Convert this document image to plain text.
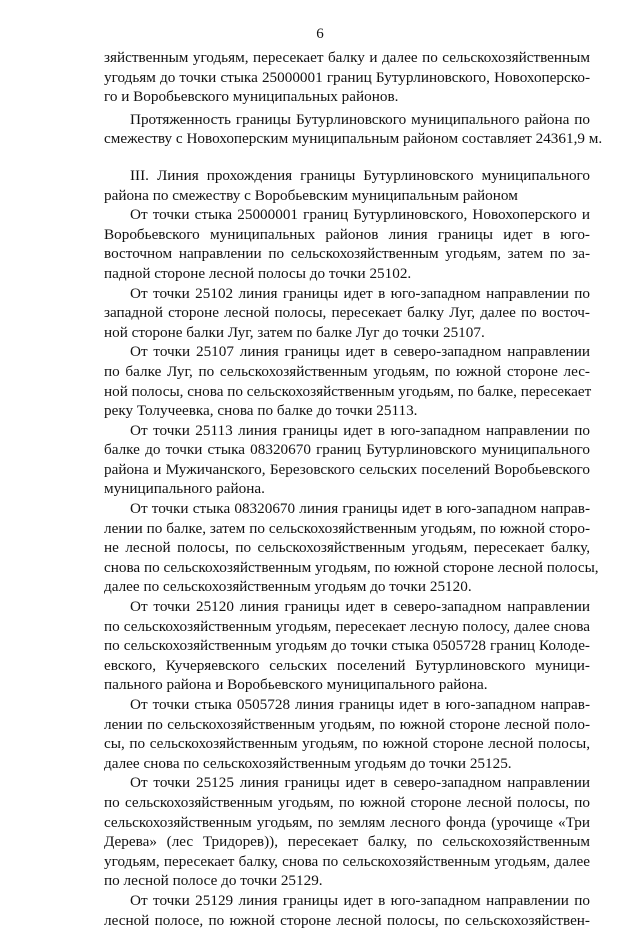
6
зяйственным угодьям, пересекает балку и далее по сельскохозяйственным
угодьям до точки стыка 25000001 границ Бутурлиновского, Новохоперско-
го и Воробьевского муниципальных районов.
Протяженность границы Бутурлиновского муниципального района по
смежеству с Новохоперским муниципальным районом составляет 24361,9 м.
III. Линия прохождения границы Бутурлиновского муниципального
района по смежеству с Воробьевским муниципальным районом
От точки стыка 25000001 границ Бутурлиновского, Новохоперского и
Воробьевского муниципальных районов линия границы идет в юго-
восточном направлении по сельскохозяйственным угодьям, затем по за-
падной стороне лесной полосы до точки 25102.
От точки 25102 линия границы идет в юго-западном направлении по
западной стороне лесной полосы, пересекает балку Луг, далее по восточ-
ной стороне балки Луг, затем по балке Луг до точки 25107.
От точки 25107 линия границы идет в северо-западном направлении
по балке Луг, по сельскохозяйственным угодьям, по южной стороне лес-
ной полосы, снова по сельскохозяйственным угодьям, по балке, пересекает
реку Толучеевка, снова по балке до точки 25113.
От точки 25113 линия границы идет в юго-западном направлении по
балке до точки стыка 08320670 границ Бутурлиновского муниципального
района и Мужичанского, Березовского сельских поселений Воробьевского
муниципального района.
От точки стыка 08320670 линия границы идет в юго-западном направ-
лении по балке, затем по сельскохозяйственным угодьям, по южной сторо-
не лесной полосы, по сельскохозяйственным угодьям, пересекает балку,
снова по сельскохозяйственным угодьям, по южной стороне лесной полосы,
далее по сельскохозяйственным угодьям до точки 25120.
От точки 25120 линия границы идет в северо-западном направлении
по сельскохозяйственным угодьям, пересекает лесную полосу, далее снова
по сельскохозяйственным угодьям до точки стыка 0505728 границ Колоде-
евского, Кучеряевского сельских поселений Бутурлиновского муници-
пального района и Воробьевского муниципального района.
От точки стыка 0505728 линия границы идет в юго-западном направ-
лении по сельскохозяйственным угодьям, по южной стороне лесной поло-
сы, по сельскохозяйственным угодьям, по южной стороне лесной полосы,
далее снова по сельскохозяйственным угодьям до точки 25125.
От точки 25125 линия границы идет в северо-западном направлении
по сельскохозяйственным угодьям, по южной стороне лесной полосы, по
сельскохозяйственным угодьям, по землям лесного фонда (урочище «Три
Дерева» (лес Тридорев)), пересекает балку, по сельскохозяйственным
угодьям, пересекает балку, снова по сельскохозяйственным угодьям, далее
по лесной полосе до точки 25129.
От точки 25129 линия границы идет в юго-западном направлении по
лесной полосе, по южной стороне лесной полосы, по сельскохозяйствен-
